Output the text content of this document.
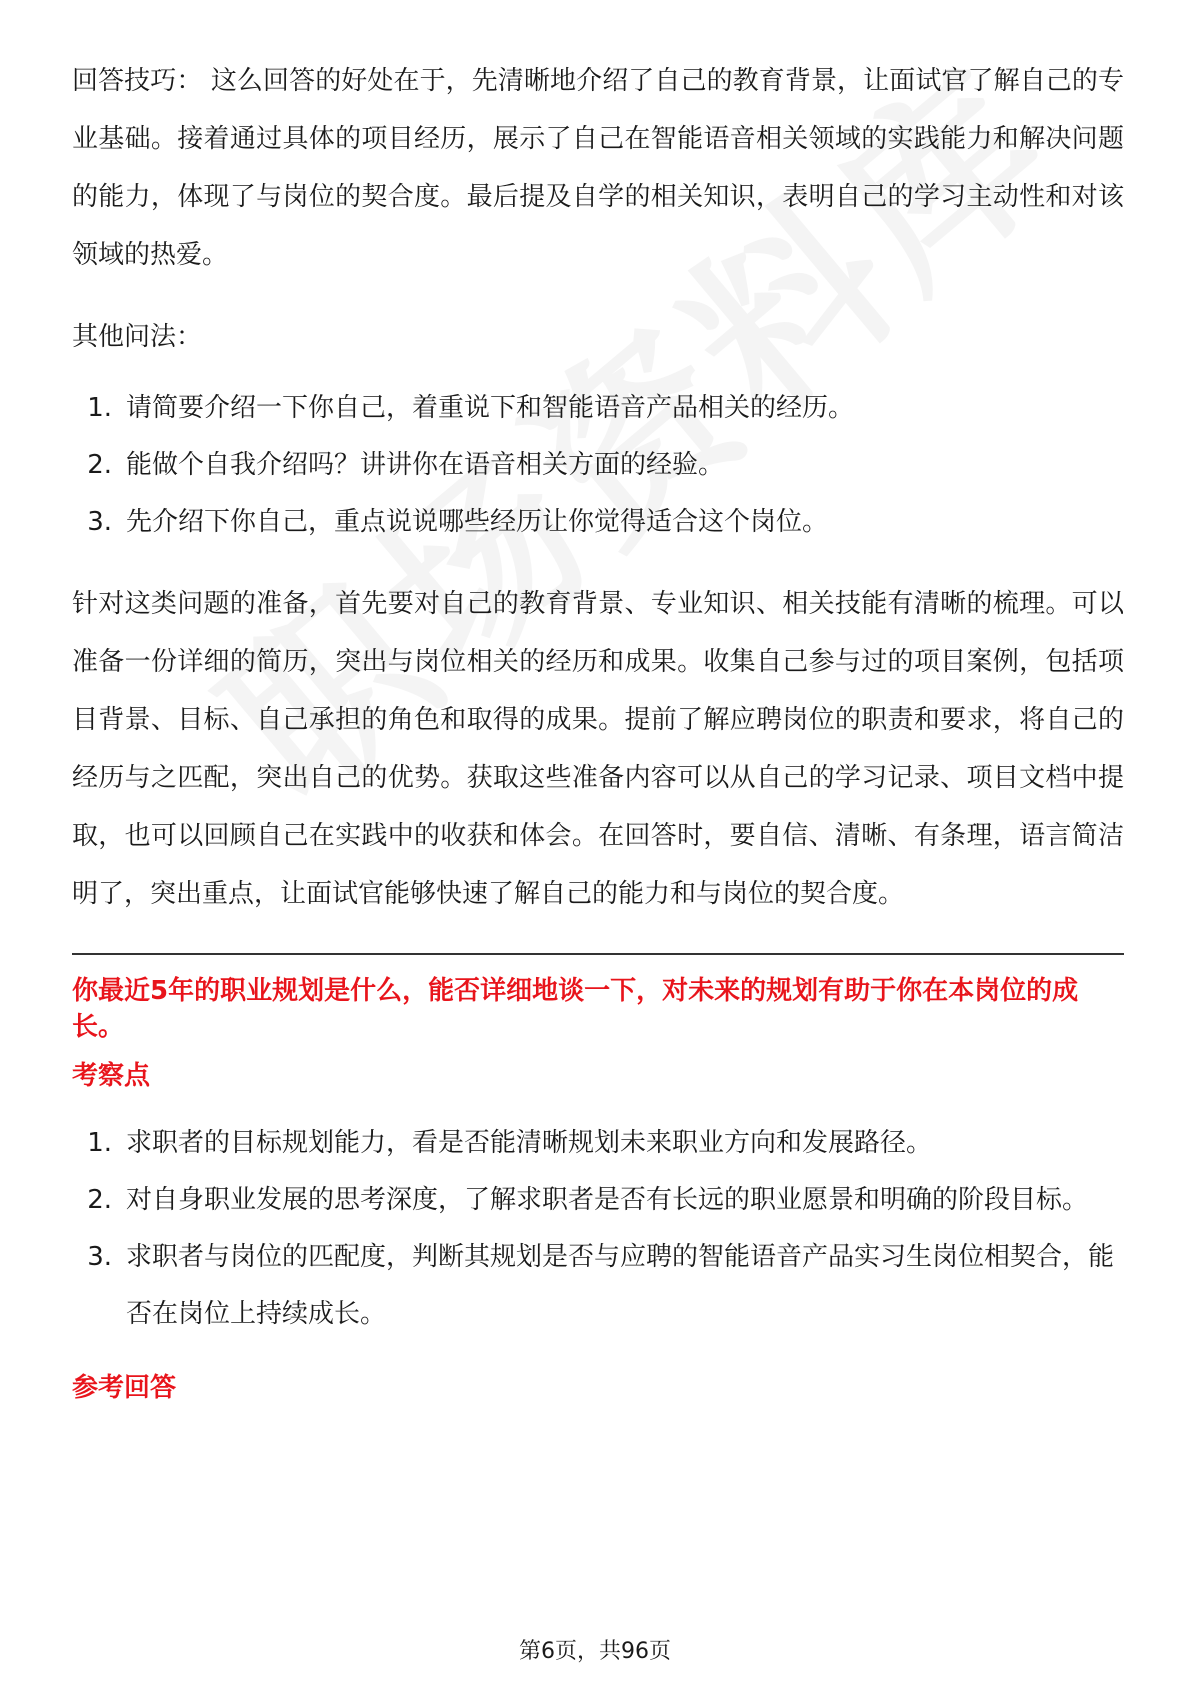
回答技巧： 这么回答的好处在于，先清晰地介绍了自己的教育背景，让面试官了解自己的专业基础。接着通过具体的项目经历，展示了自己在智能语音相关领域的实践能力和解决问题的能力，体现了与岗位的契合度。最后提及自学的相关知识，表明自己的学习主动性和对该领域的热爱。

其他问法：

1. 请简要介绍一下你自己，着重说下和智能语音产品相关的经历。
2. 能做个自我介绍吗？讲讲你在语音相关方面的经验。
3. 先介绍下你自己，重点说说哪些经历让你觉得适合这个岗位。

针对这类问题的准备，首先要对自己的教育背景、专业知识、相关技能有清晰的梳理。可以准备一份详细的简历，突出与岗位相关的经历和成果。收集自己参与过的项目案例，包括项目背景、目标、自己承担的角色和取得的成果。提前了解应聘岗位的职责和要求，将自己的经历与之匹配，突出自己的优势。获取这些准备内容可以从自己的学习记录、项目文档中提取，也可以回顾自己在实践中的收获和体会。在回答时，要自信、清晰、有条理，语言简洁明了，突出重点，让面试官能够快速了解自己的能力和与岗位的契合度。

你最近5年的职业规划是什么，能否详细地谈一下，对未来的规划有助于你在本岗位的成长。

考察点

1. 求职者的目标规划能力，看是否能清晰规划未来职业方向和发展路径。
2. 对自身职业发展的思考深度，了解求职者是否有长远的职业愿景和明确的阶段目标。
3. 求职者与岗位的匹配度，判断其规划是否与应聘的智能语音产品实习生岗位相契合，能否在岗位上持续成长。

参考回答

第6页，共96页
